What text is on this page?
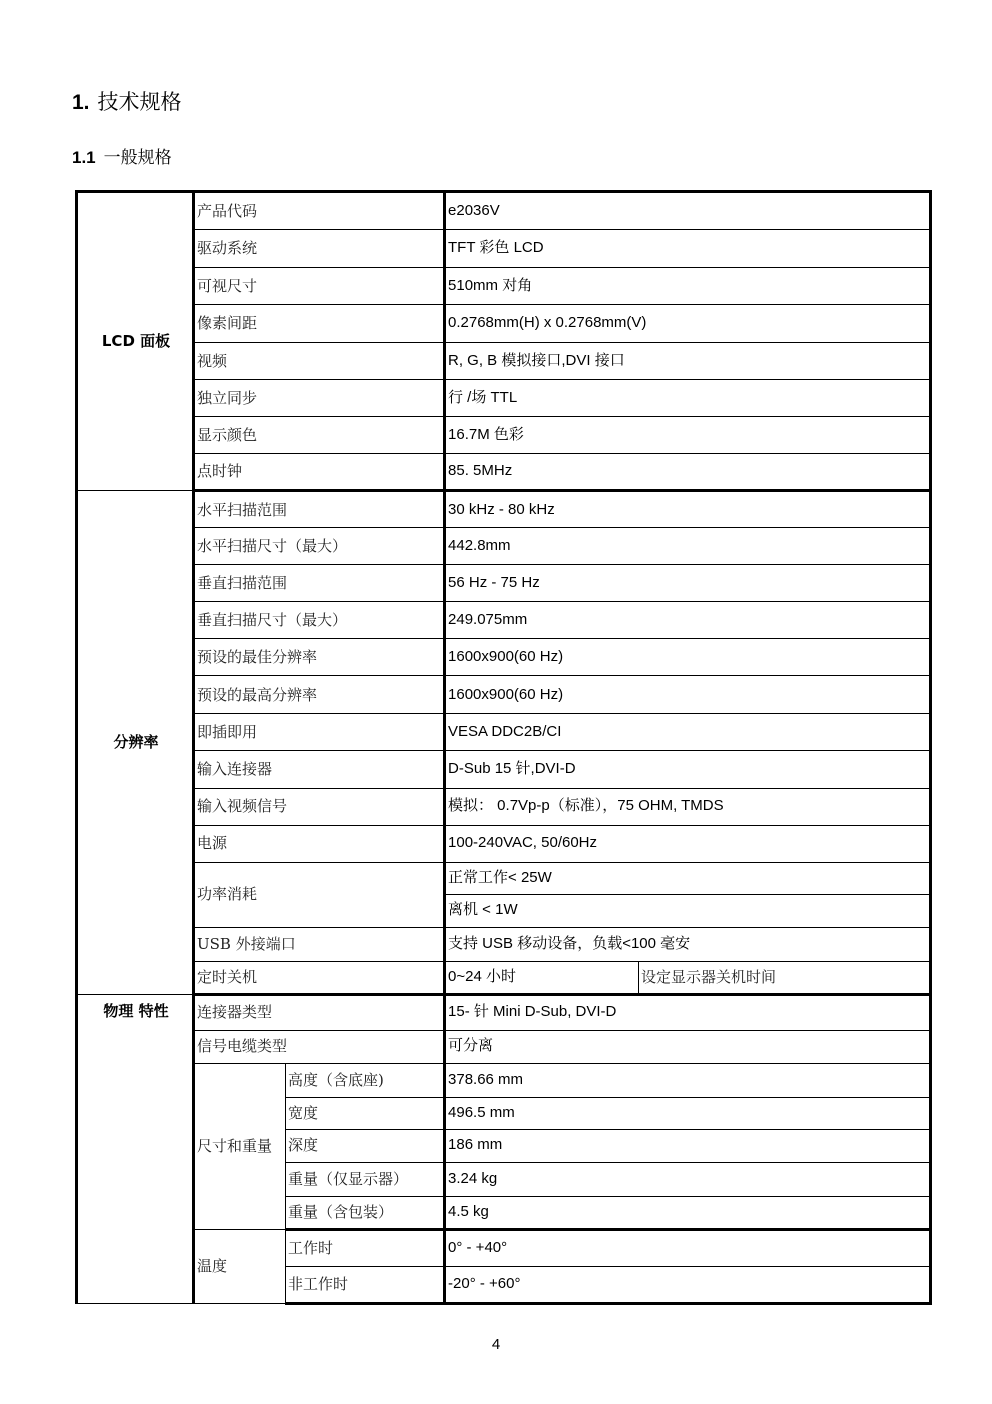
1. 技术规格
1.1 一般规格
LCD 面板	产品代码		e2036V	
	驱动系统		TFT 彩色 LCD	
	可视尺寸		510mm 对角	
	像素间距		0.2768mm(H) x 0.2768mm(V)	
	视频		R, G, B 模拟接口,DVI 接口	
	独立同步		行 /场 TTL	
	显示颜色		16.7M 色彩	
	点时钟		85. 5MHz	
分辨率	水平扫描范围		30 kHz - 80 kHz	
	水平扫描尺寸（最大）		442.8mm	
	垂直扫描范围		56 Hz - 75 Hz	
	垂直扫描尺寸（最大）		249.075mm	
	预设的最佳分辨率		1600x900(60 Hz)	
	预设的最高分辨率		1600x900(60 Hz)	
	即插即用		VESA DDC2B/CI	
	输入连接器		D-Sub 15 针,DVI-D	
	输入视频信号		模拟： 0.7Vp-p（标准），75 OHM, TMDS	
	电源		100-240VAC, 50/60Hz	
	功率消耗		正常工作< 25W	
			离机 < 1W	
	USB 外接端口		支持 USB 移动设备，负载<100 毫安	
	定时关机		0~24 小时	设定显示器关机时间
物理 特性	连接器类型		15- 针 Mini D-Sub, DVI-D	
	信号电缆类型		可分离	
	尺寸和重量	高度（含底座)	378.66 mm	
		宽度	496.5 mm	
		深度	186 mm	
		重量（仅显示器）	3.24 kg	
		重量（含包装）	4.5 kg	
	温度	工作时	0° - +40°	
		非工作时	-20° - +60°	
4
